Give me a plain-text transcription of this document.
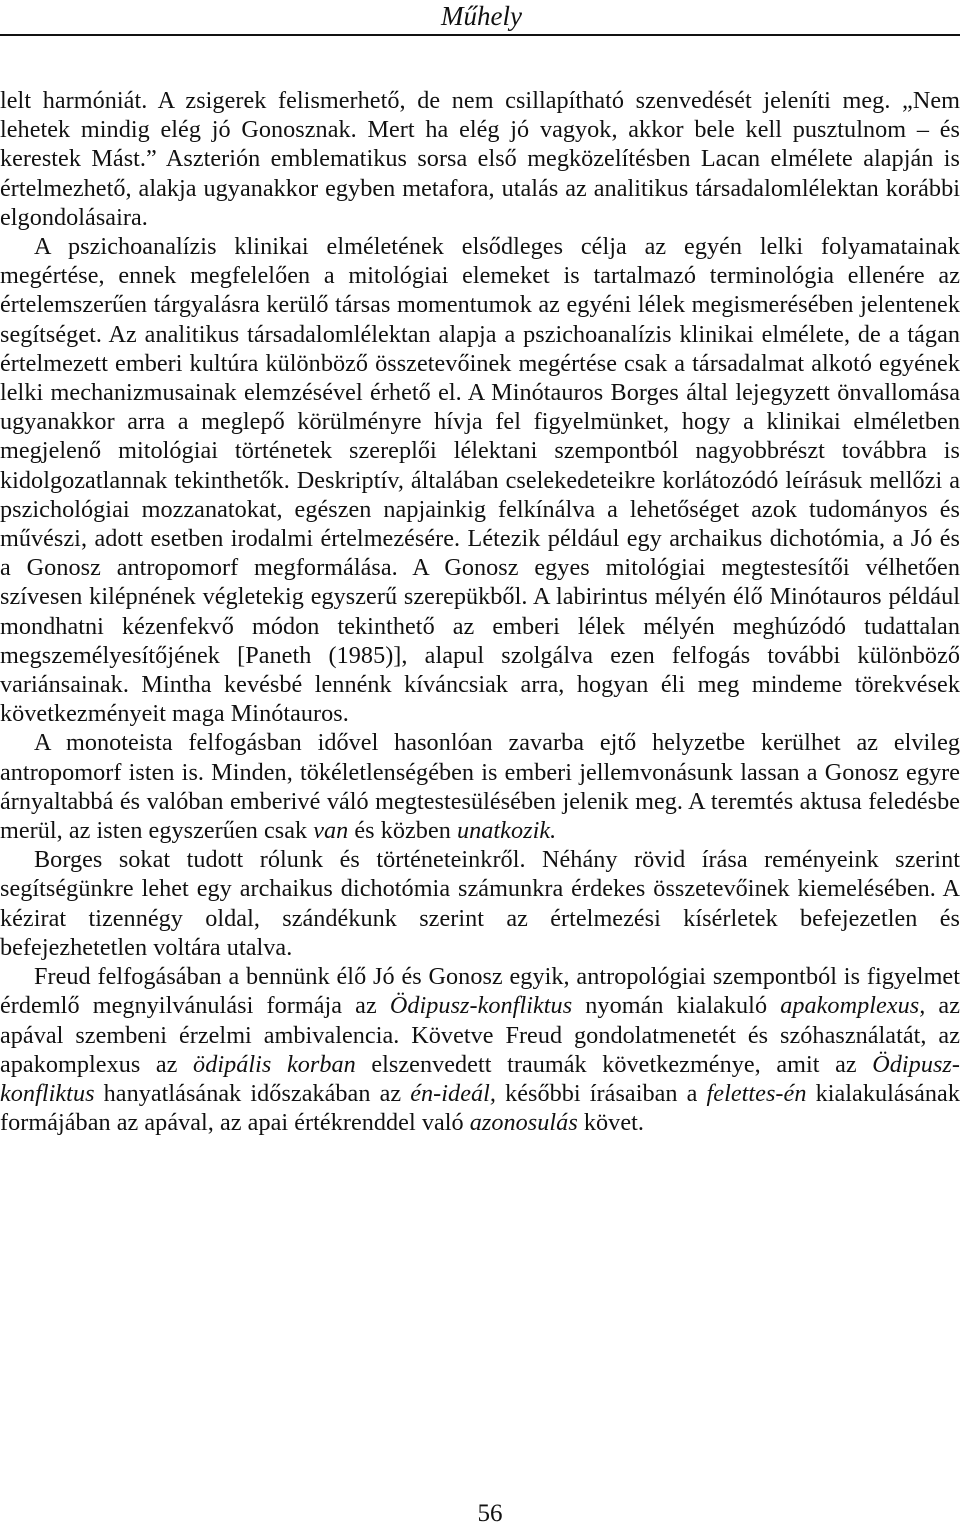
Műhely

lelt harmóniát. A zsigerek felismerhető, de nem csillapítható szenvedését jeleníti meg. „Nem lehetek mindig elég jó Gonosznak. Mert ha elég jó vagyok, akkor bele kell pusztulnom – és kerestek Mást.” Aszterión emblematikus sorsa első megközelítésben Lacan elmélete alapján is értelmezhető, alakja ugyanakkor egyben metafora, utalás az analitikus társadalomlélektan korábbi elgondolásaira.

A pszichoanalízis klinikai elméletének elsődleges célja az egyén lelki folyamatainak megértése, ennek megfelelően a mitológiai elemeket is tartalmazó terminológia ellenére az értelemszerűen tárgyalásra kerülő társas momentumok az egyéni lélek megismerésében jelentenek segítséget. Az analitikus társadalomlélektan alapja a pszichoanalízis klinikai elmélete, de a tágan értelmezett emberi kultúra különböző összetevőinek megértése csak a társadalmat alkotó egyének lelki mechanizmusainak elemzésével érhető el. A Minótauros Borges által lejegyzett önvallomása ugyanakkor arra a meglepő körülményre hívja fel figyelmünket, hogy a klinikai elméletben megjelenő mitológiai történetek szereplői lélektani szempontból nagyobbrészt továbbra is kidolgozatlannak tekinthetők. Deskriptív, általában cselekedeteikre korlátozódó leírásuk mellőzi a pszichológiai mozzanatokat, egészen napjainkig felkínálva a lehetőséget azok tudományos és művészi, adott esetben irodalmi értelmezésére. Létezik például egy archaikus dichotómia, a Jó és a Gonosz antropomorf megformálása. A Gonosz egyes mitológiai megtestesítői vélhetően szívesen kilépnének végletekig egyszerű szerepükből. A labirintus mélyén élő Minótauros például mondhatni kézenfekvő módon tekinthető az emberi lélek mélyén meghúzódó tudattalan megszemélyesítőjének [Paneth (1985)], alapul szolgálva ezen felfogás további különböző variánsainak. Mintha kevésbé lennénk kíváncsiak arra, hogyan éli meg mindeme törekvések következményeit maga Minótauros.

A monoteista felfogásban idővel hasonlóan zavarba ejtő helyzetbe kerülhet az elvileg antropomorf isten is. Minden, tökéletlenségében is emberi jellemvonásunk lassan a Gonosz egyre árnyaltabbá és valóban emberivé váló megtestesülésében jelenik meg. A teremtés aktusa feledésbe merül, az isten egyszerűen csak van és közben unatkozik.

Borges sokat tudott rólunk és történeteinkről. Néhány rövid írása reményeink szerint segítségünkre lehet egy archaikus dichotómia számunkra érdekes összetevőinek kiemelésében. A kézirat tizennégy oldal, szándékunk szerint az értelmezési kísérletek befejezetlen és befejezhetetlen voltára utalva.

Freud felfogásában a bennünk élő Jó és Gonosz egyik, antropológiai szempontból is figyelmet érdemlő megnyilvánulási formája az Ödipusz-konfliktus nyomán kialakuló apakomplexus, az apával szembeni érzelmi ambivalencia. Követve Freud gondolatmenetét és szóhasználatát, az apakomplexus az ödipális korban elszenvedett traumák következménye, amit az Ödipusz-konfliktus hanyatlásának időszakában az én-ideál, későbbi írásaiban a felettes-én kialakulásának formájában az apával, az apai értékrenddel való azonosulás követ.

56
